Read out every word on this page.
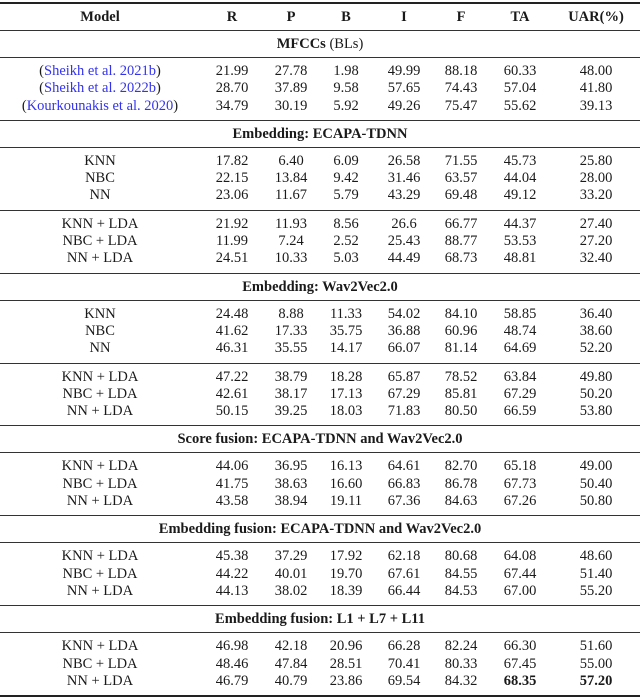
Model	R	P	B	I	F	TA	UAR(%)
MFCCs (BLs)
(Sheikh et al. 2021b)	21.99	27.78	1.98	49.99	88.18	60.33	48.00
(Sheikh et al. 2022b)	28.70	37.89	9.58	57.65	74.43	57.04	41.80
(Kourkounakis et al. 2020)	34.79	30.19	5.92	49.26	75.47	55.62	39.13
Embedding: ECAPA-TDNN
KNN	17.82	6.40	6.09	26.58	71.55	45.73	25.80
NBC	22.15	13.84	9.42	31.46	63.57	44.04	28.00
NN	23.06	11.67	5.79	43.29	69.48	49.12	33.20
KNN + LDA	21.92	11.93	8.56	26.6	66.77	44.37	27.40
NBC + LDA	11.99	7.24	2.52	25.43	88.77	53.53	27.20
NN + LDA	24.51	10.33	5.03	44.49	68.73	48.81	32.40
Embedding: Wav2Vec2.0
KNN	24.48	8.88	11.33	54.02	84.10	58.85	36.40
NBC	41.62	17.33	35.75	36.88	60.96	48.74	38.60
NN	46.31	35.55	14.17	66.07	81.14	64.69	52.20
KNN + LDA	47.22	38.79	18.28	65.87	78.52	63.84	49.80
NBC + LDA	42.61	38.17	17.13	67.29	85.81	67.29	50.20
NN + LDA	50.15	39.25	18.03	71.83	80.50	66.59	53.80
Score fusion: ECAPA-TDNN and Wav2Vec2.0
KNN + LDA	44.06	36.95	16.13	64.61	82.70	65.18	49.00
NBC + LDA	41.75	38.63	16.60	66.83	86.78	67.73	50.40
NN + LDA	43.58	38.94	19.11	67.36	84.63	67.26	50.80
Embedding fusion: ECAPA-TDNN and Wav2Vec2.0
KNN + LDA	45.38	37.29	17.92	62.18	80.68	64.08	48.60
NBC + LDA	44.22	40.01	19.70	67.61	84.55	67.44	51.40
NN + LDA	44.13	38.02	18.39	66.44	84.53	67.00	55.20
Embedding fusion: L1 + L7 + L11
KNN + LDA	46.98	42.18	20.96	66.28	82.24	66.30	51.60
NBC + LDA	48.46	47.84	28.51	70.41	80.33	67.45	55.00
NN + LDA	46.79	40.79	23.86	69.54	84.32	68.35	57.20
